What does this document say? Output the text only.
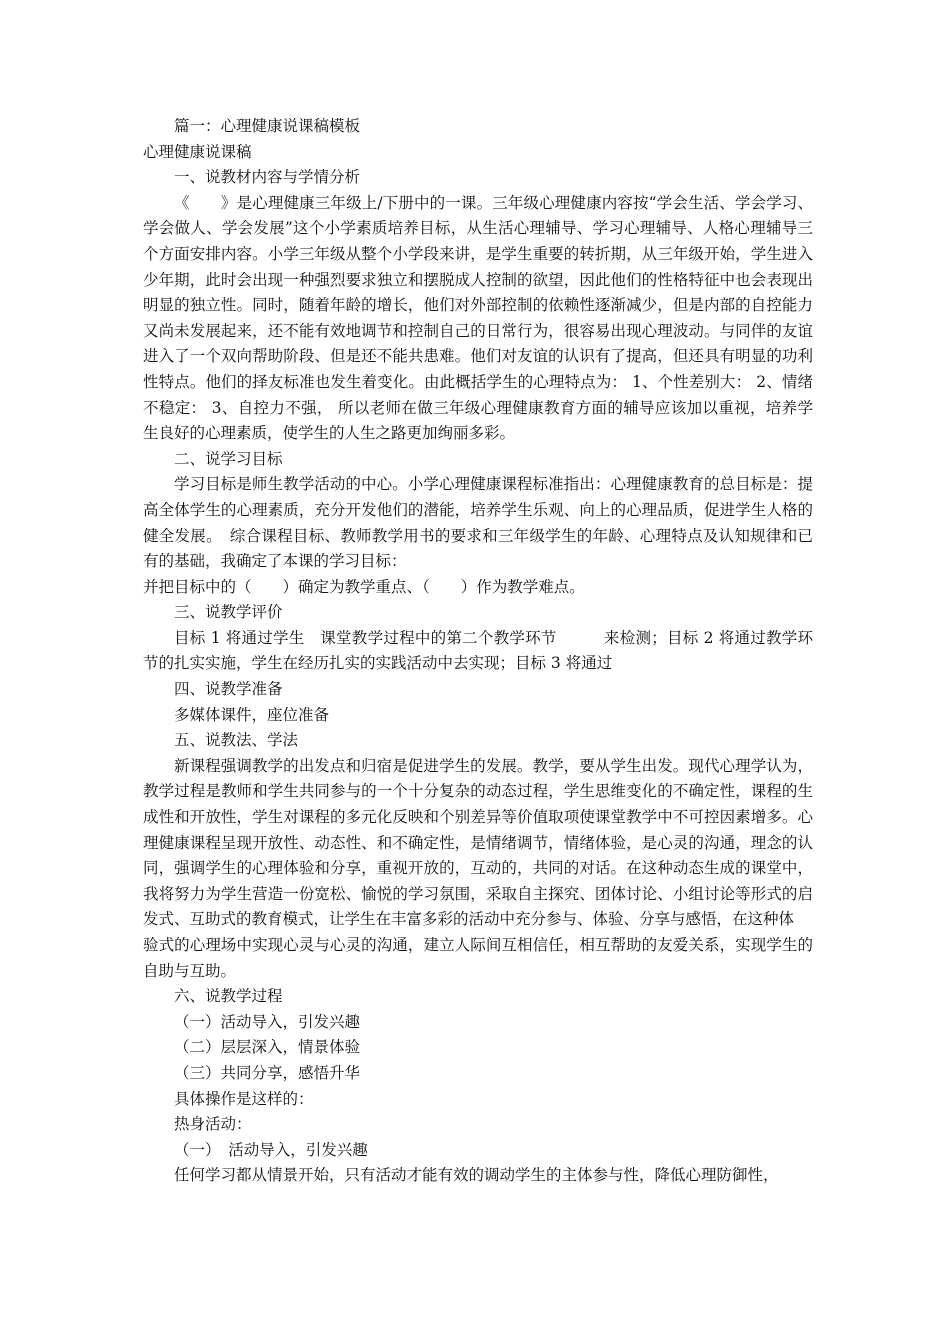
篇一：心理健康说课稿模板
心理健康说课稿
一、说教材内容与学情分析
《　　》是心理健康三年级上/下册中的一课。三年级心理健康内容按“学会生活、学会学习、学会做人、学会发展”这个小学素质培养目标，从生活心理辅导、学习心理辅导、人格心理辅导三个方面安排内容。小学三年级从整个小学段来讲，是学生重要的转折期，从三年级开始，学生进入少年期，此时会出现一种强烈要求独立和摆脱成人控制的欲望，因此他们的性格特征中也会表现出明显的独立性。同时，随着年龄的增长，他们对外部控制的依赖性逐渐减少，但是内部的自控能力又尚未发展起来，还不能有效地调节和控制自己的日常行为，很容易出现心理波动。与同伴的友谊进入了一个双向帮助阶段、但是还不能共患难。他们对友谊的认识有了提高，但还具有明显的功利性特点。他们的择友标准也发生着变化。由此概括学生的心理特点为： 1、个性差别大： 2、情绪不稳定： 3、自控力不强， 所以老师在做三年级心理健康教育方面的辅导应该加以重视，培养学生良好的心理素质，使学生的人生之路更加绚丽多彩。
二、说学习目标
学习目标是师生教学活动的中心。小学心理健康课程标准指出：心理健康教育的总目标是：提高全体学生的心理素质，充分开发他们的潜能，培养学生乐观、向上的心理品质，促进学生人格的健全发展。　综合课程目标、教师教学用书的要求和三年级学生的年龄、心理特点及认知规律和已有的基础，我确定了本课的学习目标：
并把目标中的（　　）确定为教学重点、（　　）作为教学难点。
三、说教学评价
目标 1 将通过学生　课堂教学过程中的第二个教学环节　　　来检测；目标 2 将通过教学环节的扎实实施，学生在经历扎实的实践活动中去实现；目标 3 将通过
四、说教学准备
多媒体课件，座位准备
五、说教法、学法
新课程强调教学的出发点和归宿是促进学生的发展。教学，要从学生出发。现代心理学认为，教学过程是教师和学生共同参与的一个十分复杂的动态过程，学生思维变化的不确定性，课程的生成性和开放性，学生对课程的多元化反映和个别差异等价值取项使课堂教学中不可控因素增多。心理健康课程呈现开放性、动态性、和不确定性，是情绪调节，情绪体验，是心灵的沟通，理念的认同，强调学生的心理体验和分享，重视开放的，互动的，共同的对话。在这种动态生成的课堂中，我将努力为学生营造一份宽松、愉悦的学习氛围，采取自主探究、团体讨论、小组讨论等形式的启发式、互助式的教育模式，让学生在丰富多彩的活动中充分参与、体验、分享与感悟，在这种体
验式的心理场中实现心灵与心灵的沟通，建立人际间互相信任，相互帮助的友爱关系，实现学生的自助与互助。
六、说教学过程
（一）活动导入，引发兴趣
（二）层层深入，情景体验
（三）共同分享，感悟升华
具体操作是这样的：
热身活动：
（一）　活动导入，引发兴趣
任何学习都从情景开始，只有活动才能有效的调动学生的主体参与性，降低心理防御性，
